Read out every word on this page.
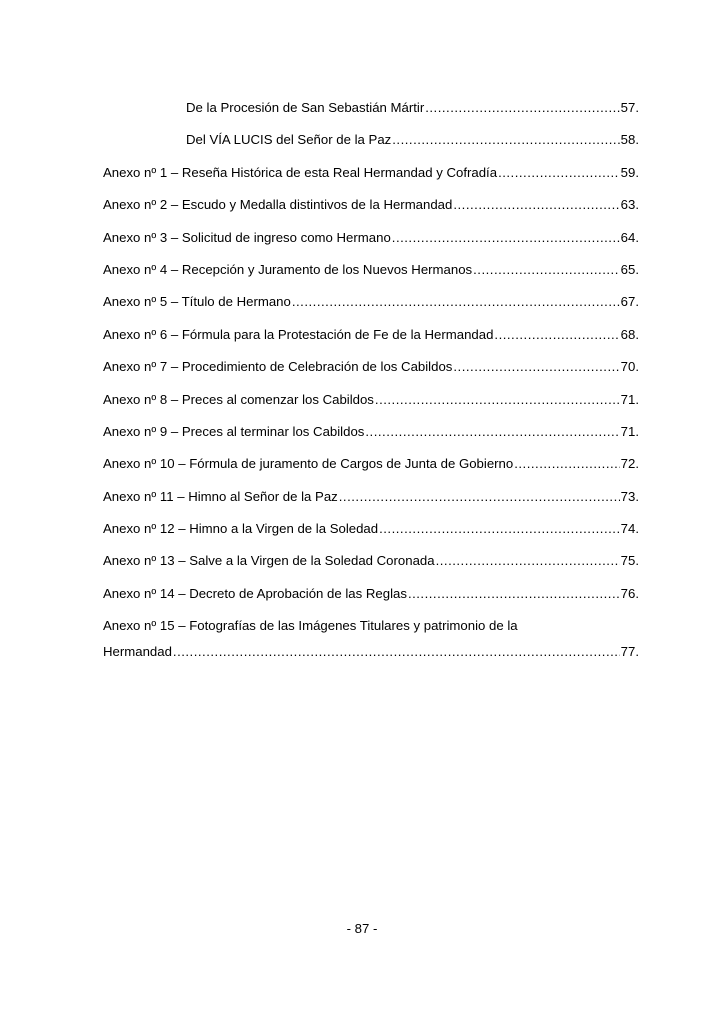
De la Procesión de San Sebastián Mártir .....	57.
Del VÍA LUCIS del Señor de la Paz .....	58.
Anexo nº 1 – Reseña Histórica de esta Real Hermandad y Cofradía .....	59.
Anexo nº 2 – Escudo y Medalla distintivos de la Hermandad .....	63.
Anexo nº 3 – Solicitud de ingreso como Hermano .....	64.
Anexo nº 4 – Recepción y Juramento de los Nuevos Hermanos .....	65.
Anexo nº 5 – Título de Hermano .....	67.
Anexo nº 6 – Fórmula para la Protestación de Fe de la Hermandad .....	68.
Anexo nº 7 – Procedimiento de Celebración de los Cabildos .....	70.
Anexo nº 8 – Preces al comenzar los Cabildos .....	71.
Anexo nº 9 – Preces al terminar los Cabildos .....	71.
Anexo nº 10 – Fórmula de juramento de Cargos de Junta de Gobierno .....	72.
Anexo nº 11 – Himno al Señor de la Paz .....	73.
Anexo nº 12 – Himno a la Virgen de la Soledad .....	74.
Anexo nº 13 – Salve a la Virgen de la Soledad Coronada .....	75.
Anexo nº 14 – Decreto de Aprobación de las Reglas .....	76.
Anexo nº 15 – Fotografías de las Imágenes Titulares y patrimonio de la
Hermandad .....	77.
- 87 -
